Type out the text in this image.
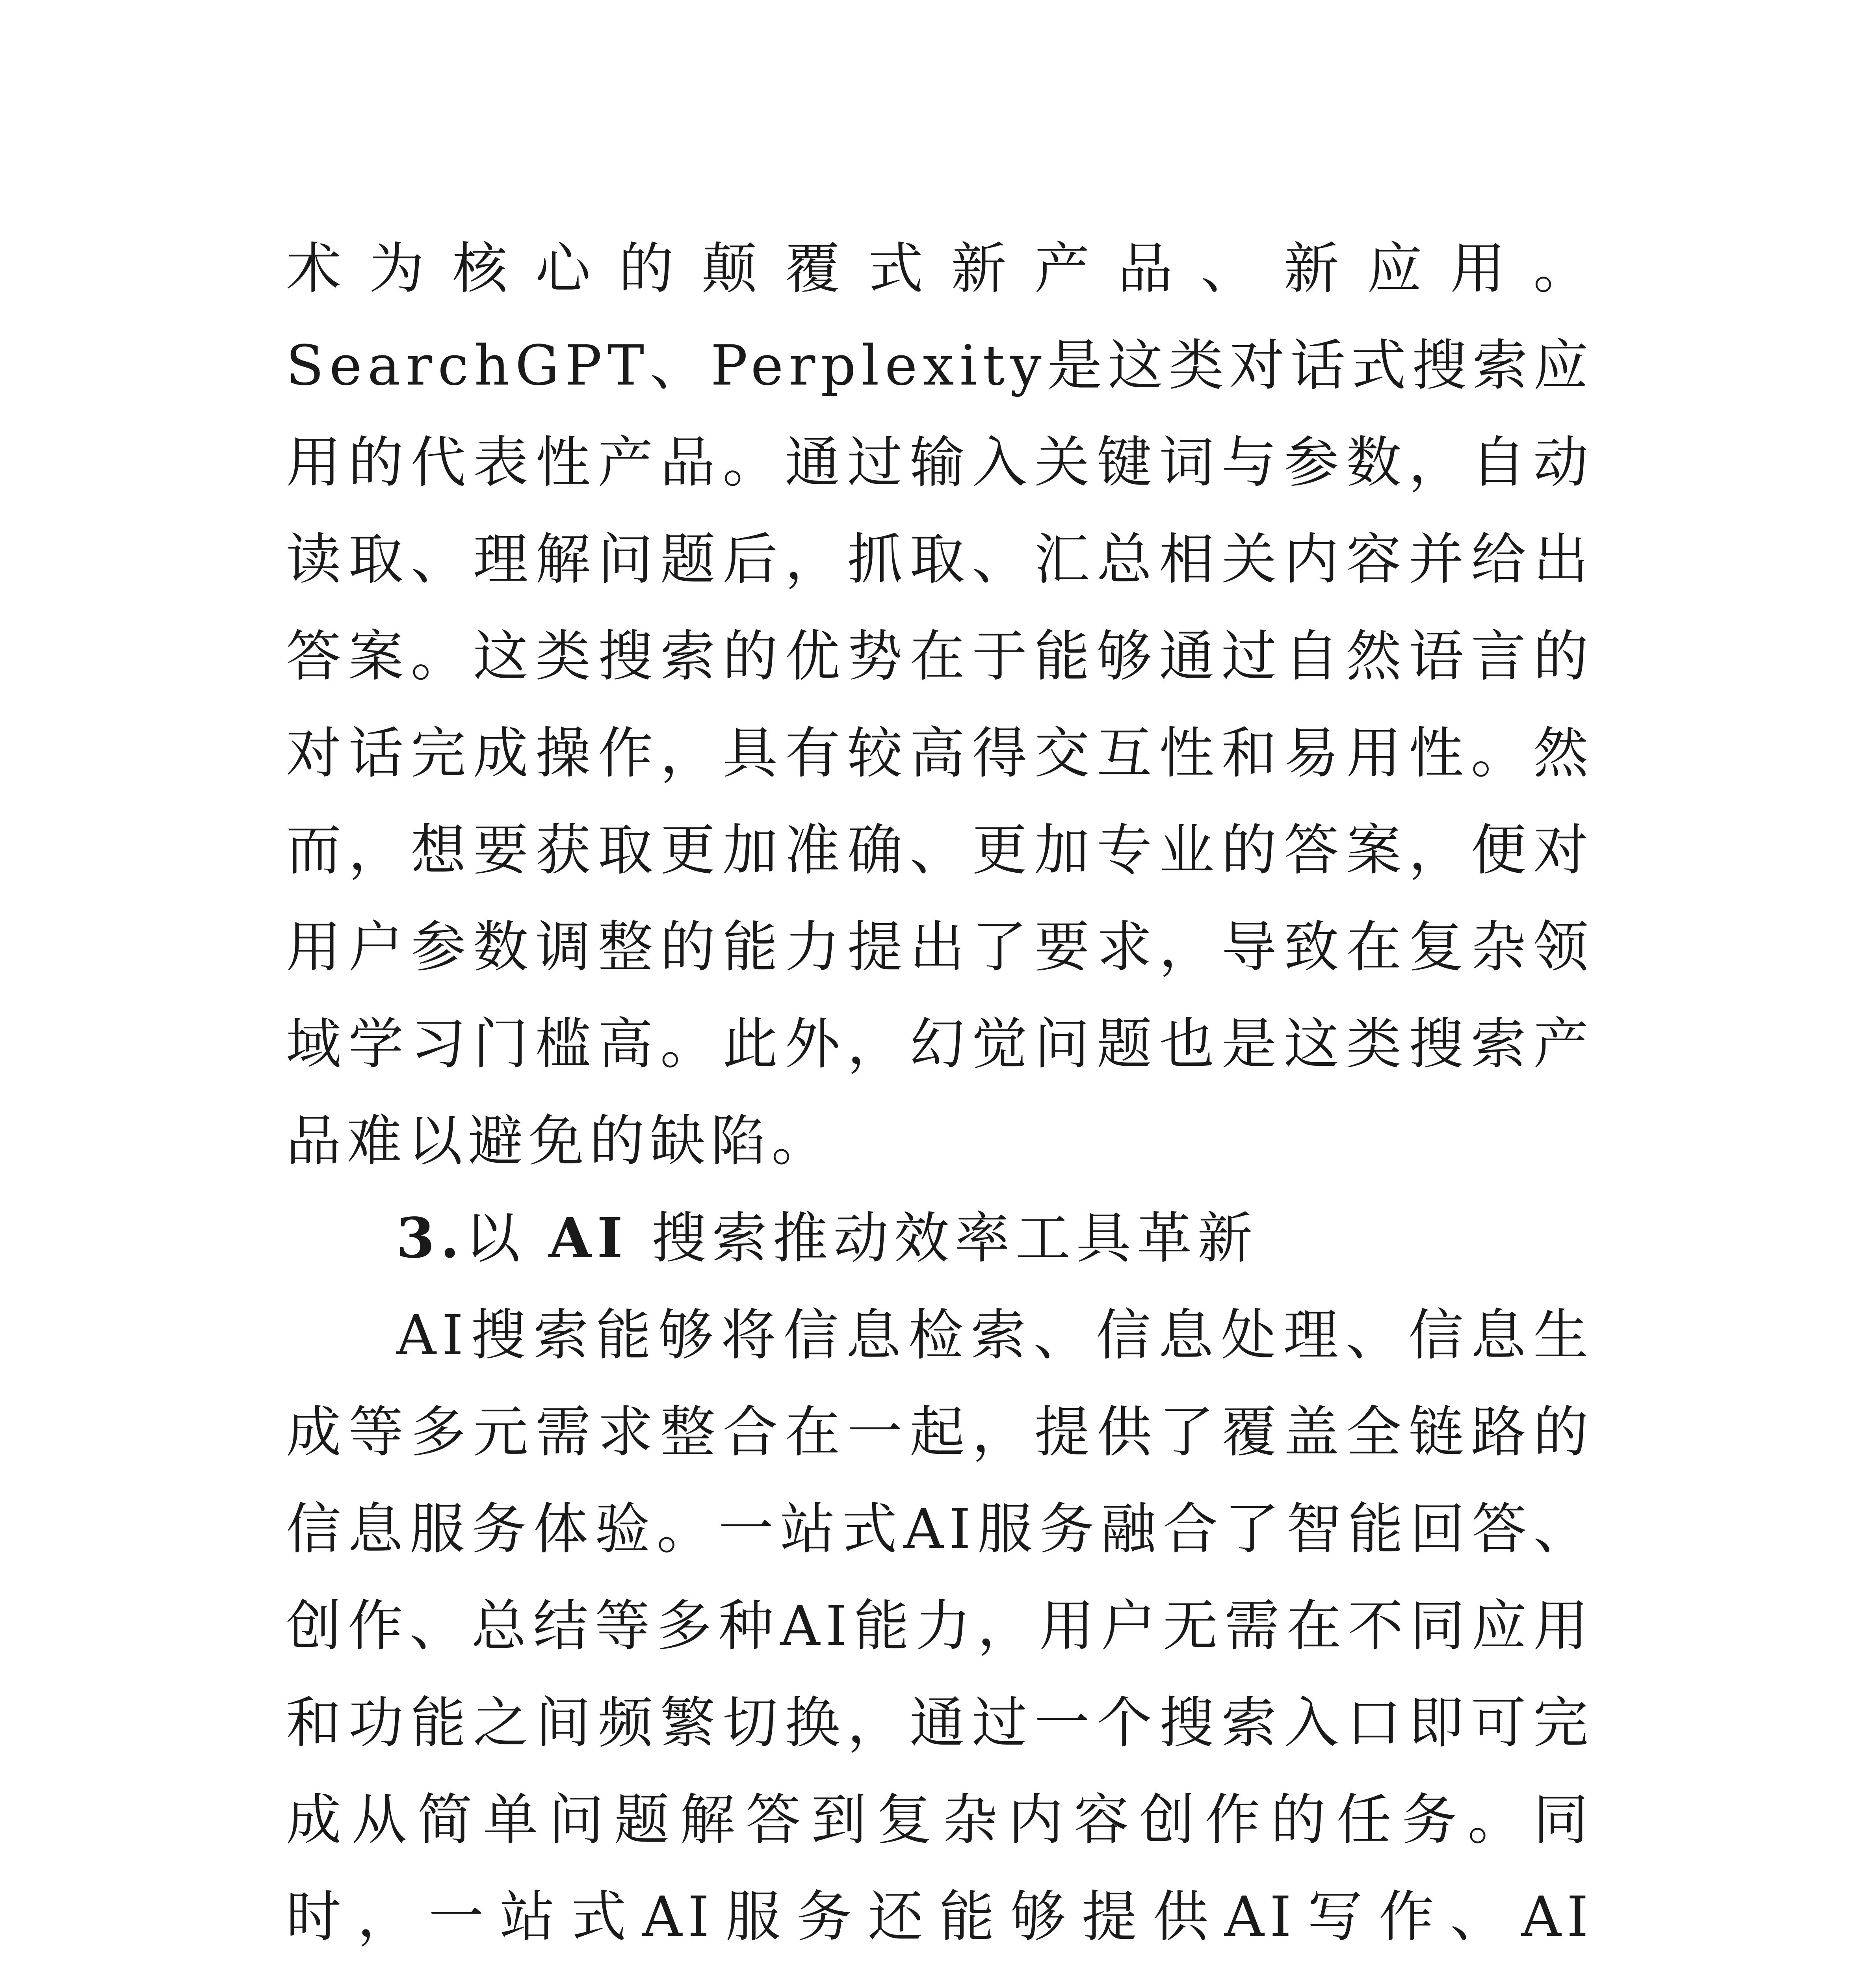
术为核心的颠覆式新产品、新应用。SearchGPT、Perplexity是这类对话式搜索应用的代表性产品。通过输入关键词与参数，自动读取、理解问题后，抓取、汇总相关内容并给出答案。这类搜索的优势在于能够通过自然语言的对话完成操作，具有较高得交互性和易用性。然而，想要获取更加准确、更加专业的答案，便对用户参数调整的能力提出了要求，导致在复杂领域学习门槛高。此外，幻觉问题也是这类搜索产品难以避免的缺陷。

3.以 AI 搜索推动效率工具革新

AI搜索能够将信息检索、信息处理、信息生成等多元需求整合在一起，提供了覆盖全链路的信息服务体验。一站式AI服务融合了智能回答、创作、总结等多种AI能力，用户无需在不同应用和功能之间频繁切换，通过一个搜索入口即可完成从简单问题解答到复杂内容创作的任务。同时，一站式AI服务还能够提供AI写作、AI
